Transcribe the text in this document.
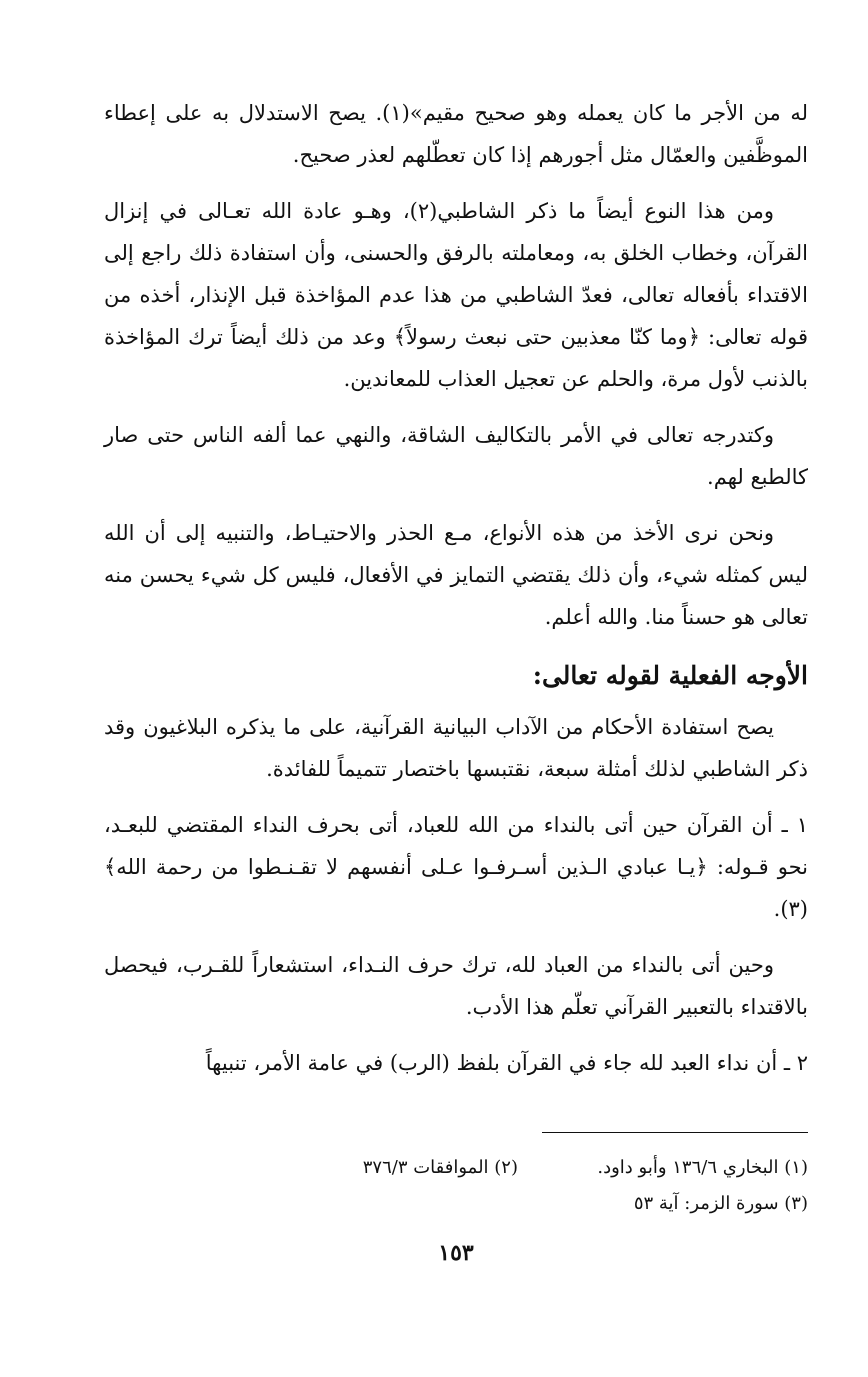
له من الأجر ما كان يعمله وهو صحيح مقيم»(١). يصح الاستدلال به على إعطاء الموظَّفين والعمّال مثل أجورهم إذا كان تعطّلهم لعذر صحيح.

ومن هذا النوع أيضاً ما ذكر الشاطبي(٢)، وهـو عادة الله تعـالى في إنزال القرآن، وخطاب الخلق به، ومعاملته بالرفق والحسنى، وأن استفادة ذلك راجع إلى الاقتداء بأفعاله تعالى، فعدّ الشاطبي من هذا عدم المؤاخذة قبل الإنذار، أخذه من قوله تعالى: ﴿وما كنّا معذبين حتى نبعث رسولاً﴾ وعد من ذلك أيضاً ترك المؤاخذة بالذنب لأول مرة، والحلم عن تعجيل العذاب للمعاندين.

وكتدرجه تعالى في الأمر بالتكاليف الشاقة، والنهي عما ألفه الناس حتى صار كالطبع لهم.

ونحن نرى الأخذ من هذه الأنواع، مـع الحذر والاحتيـاط، والتنبيه إلى أن الله ليس كمثله شيء، وأن ذلك يقتضي التمايز في الأفعال، فليس كل شيء يحسن منه تعالى هو حسناً منا. والله أعلم.

الأوجه الفعلية لقوله تعالى:

يصح استفادة الأحكام من الآداب البيانية القرآنية، على ما يذكره البلاغيون وقد ذكر الشاطبي لذلك أمثلة سبعة، نقتبسها باختصار تتميماً للفائدة.

١ ـ أن القرآن حين أتى بالنداء من الله للعباد، أتى بحرف النداء المقتضي للبعـد، نحو قـوله: ﴿يـا عبادي الـذين أسـرفـوا عـلى أنفسهم لا تقـنـطوا من رحمة الله﴾(٣).

وحين أتى بالنداء من العباد لله، ترك حرف النـداء، استشعاراً للقـرب، فيحصل بالاقتداء بالتعبير القرآني تعلّم هذا الأدب.

٢ ـ أن نداء العبد لله جاء في القرآن بلفظ (الرب) في عامة الأمر، تنبيهاً

(١) البخاري ١٣٦/٦ وأبو داود.
(٢) الموافقات ٣٧٦/٣
(٣) سورة الزمر: آية ٥٣
١٥٣
